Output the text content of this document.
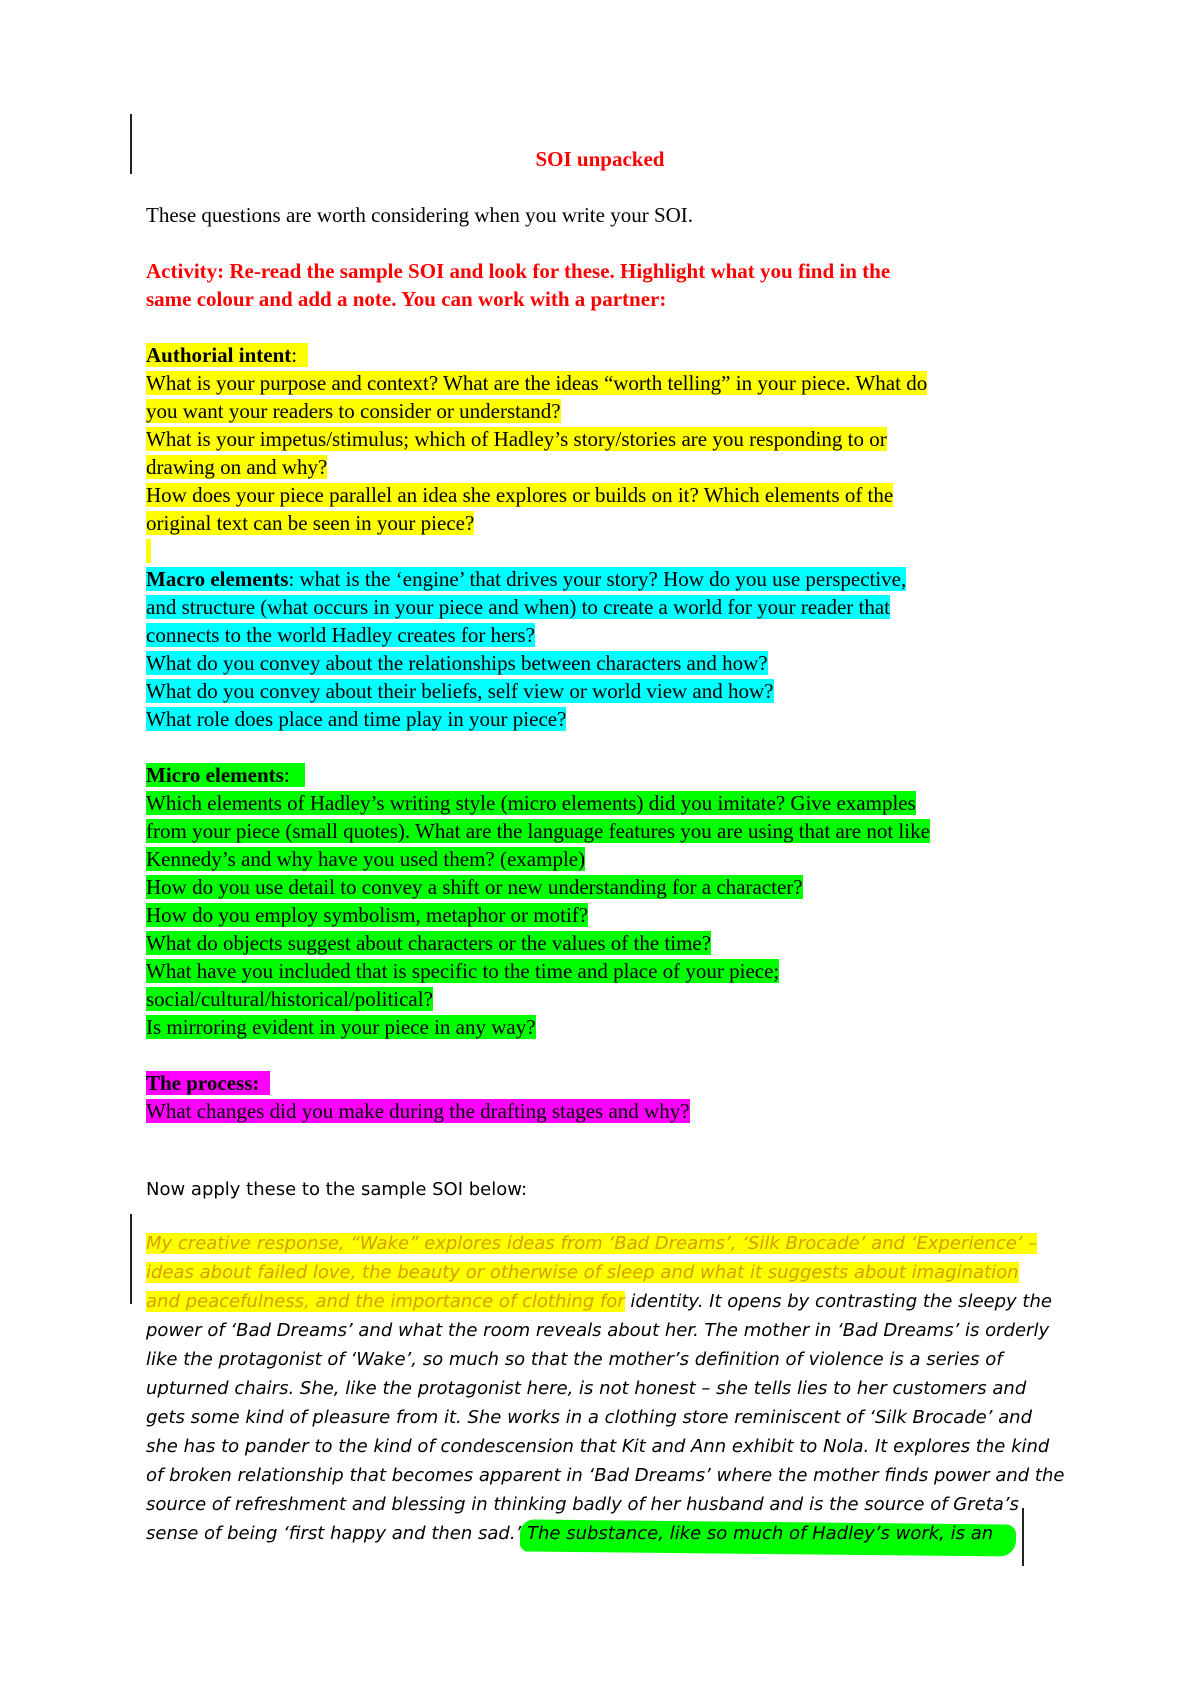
SOI unpacked
These questions are worth considering when you write your SOI.
Activity: Re-read the sample SOI and look for these. Highlight what you find in the
same colour and add a note. You can work with a partner:
Authorial intent:
What is your purpose and context? What are the ideas “worth telling” in your piece. What do
you want your readers to consider or understand?
What is your impetus/stimulus; which of Hadley’s story/stories are you responding to or
drawing on and why?
How does your piece parallel an idea she explores or builds on it? Which elements of the
original text can be seen in your piece?

Macro elements: what is the ‘engine’ that drives your story? How do you use perspective,
and structure (what occurs in your piece and when) to create a world for your reader that
connects to the world Hadley creates for hers?
What do you convey about the relationships between characters and how?
What do you convey about their beliefs, self view or world view and how?
What role does place and time play in your piece?
Micro elements:
Which elements of Hadley’s writing style (micro elements) did you imitate? Give examples
from your piece (small quotes). What are the language features you are using that are not like
Kennedy’s and why have you used them? (example)
How do you use detail to convey a shift or new understanding for a character?
How do you employ symbolism, metaphor or motif?
What do objects suggest about characters or the values of the time?
What have you included that is specific to the time and place of your piece;
social/cultural/historical/political?
Is mirroring evident in your piece in any way?
The process:
What changes did you make during the drafting stages and why?
Now apply these to the sample SOI below:
My creative response, “Wake” explores ideas from ‘Bad Dreams’, ‘Silk Brocade’ and ‘Experience’ –
ideas about failed love, the beauty or otherwise of sleep and what it suggests about imagination
and peacefulness, and the importance of clothing for identity. It opens by contrasting the sleepy the
power of ‘Bad Dreams’ and what the room reveals about her. The mother in ‘Bad Dreams’ is orderly
like the protagonist of ‘Wake’, so much so that the mother’s definition of violence is a series of
upturned chairs. She, like the protagonist here, is not honest – she tells lies to her customers and
gets some kind of pleasure from it. She works in a clothing store reminiscent of ‘Silk Brocade’ and
she has to pander to the kind of condescension that Kit and Ann exhibit to Nola. It explores the kind
of broken relationship that becomes apparent in ‘Bad Dreams’ where the mother finds power and the
source of refreshment and blessing in thinking badly of her husband and is the source of Greta’s
sense of being ‘first happy and then sad.’ The substance, like so much of Hadley’s work, is an
